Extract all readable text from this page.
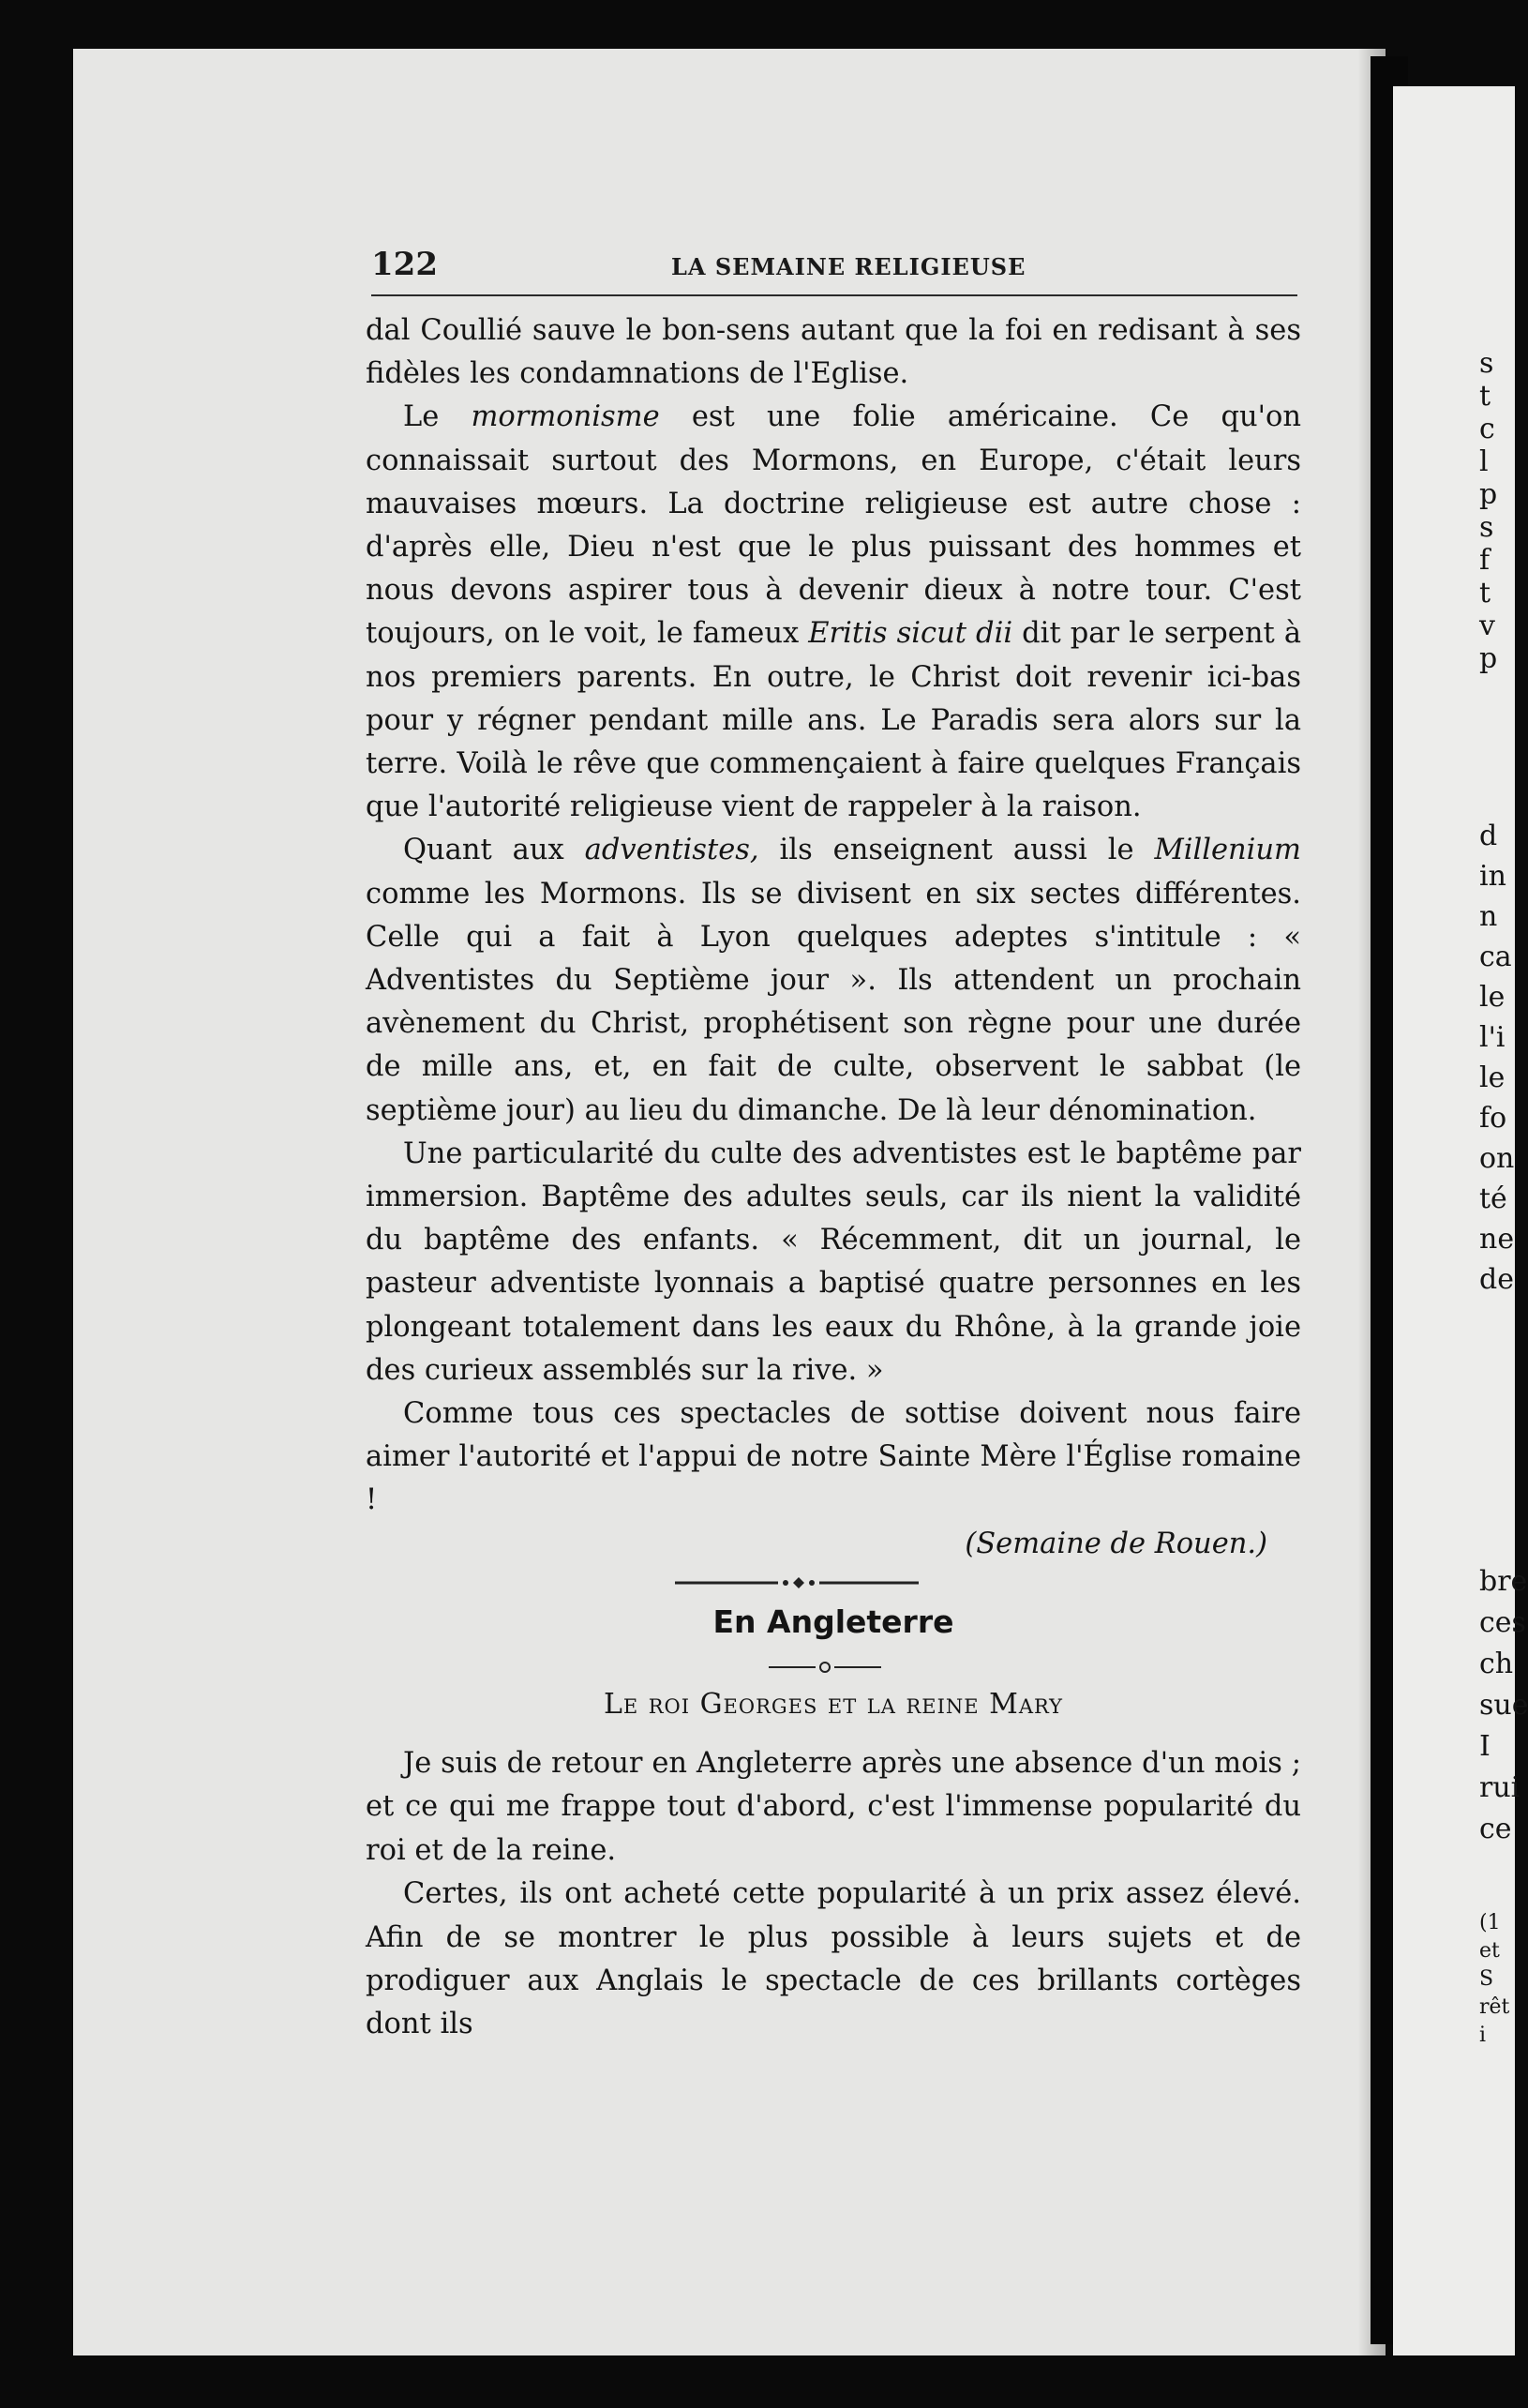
122	LA SEMAINE RELIGIEUSE

dal Coullié sauve le bon-sens autant que la foi en redisant à ses fidèles les condamnations de l'Eglise.

Le mormonisme est une folie américaine. Ce qu'on connaissait surtout des Mormons, en Europe, c'était leurs mauvaises mœurs. La doctrine religieuse est autre chose : d'après elle, Dieu n'est que le plus puissant des hommes et nous devons aspirer tous à devenir dieux à notre tour. C'est toujours, on le voit, le fameux Eritis sicut dii dit par le serpent à nos premiers parents. En outre, le Christ doit revenir ici-bas pour y régner pendant mille ans. Le Paradis sera alors sur la terre. Voilà le rêve que commençaient à faire quelques Français que l'autorité religieuse vient de rappeler à la raison.

Quant aux adventistes, ils enseignent aussi le Millenium comme les Mormons. Ils se divisent en six sectes différentes. Celle qui a fait à Lyon quelques adeptes s'intitule : « Adventistes du Septième jour ». Ils attendent un prochain avènement du Christ, prophétisent son règne pour une durée de mille ans, et, en fait de culte, observent le sabbat (le septième jour) au lieu du dimanche. De là leur dénomination.

Une particularité du culte des adventistes est le baptême par immersion. Baptême des adultes seuls, car ils nient la validité du baptême des enfants. « Récemment, dit un journal, le pasteur adventiste lyonnais a baptisé quatre personnes en les plongeant totalement dans les eaux du Rhône, à la grande joie des curieux assemblés sur la rive. »

Comme tous ces spectacles de sottise doivent nous faire aimer l'autorité et l'appui de notre Sainte Mère l'Église romaine !

(Semaine de Rouen.)

En Angleterre
Le roi Georges et la reine Mary

Je suis de retour en Angleterre après une absence d'un mois ; et ce qui me frappe tout d'abord, c'est l'immense popularité du roi et de la reine.

Certes, ils ont acheté cette popularité à un prix assez élevé. Afin de se montrer le plus possible à leurs sujets et de prodiguer aux Anglais le spectacle de ces brillants cortèges dont ils

s
t
c
l
p
s
f
t
v
p
d
in
n
ca
le
l'i
le
fo
on
té
ne
de
bre
ces
ch
sue
I
rui
ce
(1
et S
rêt i
